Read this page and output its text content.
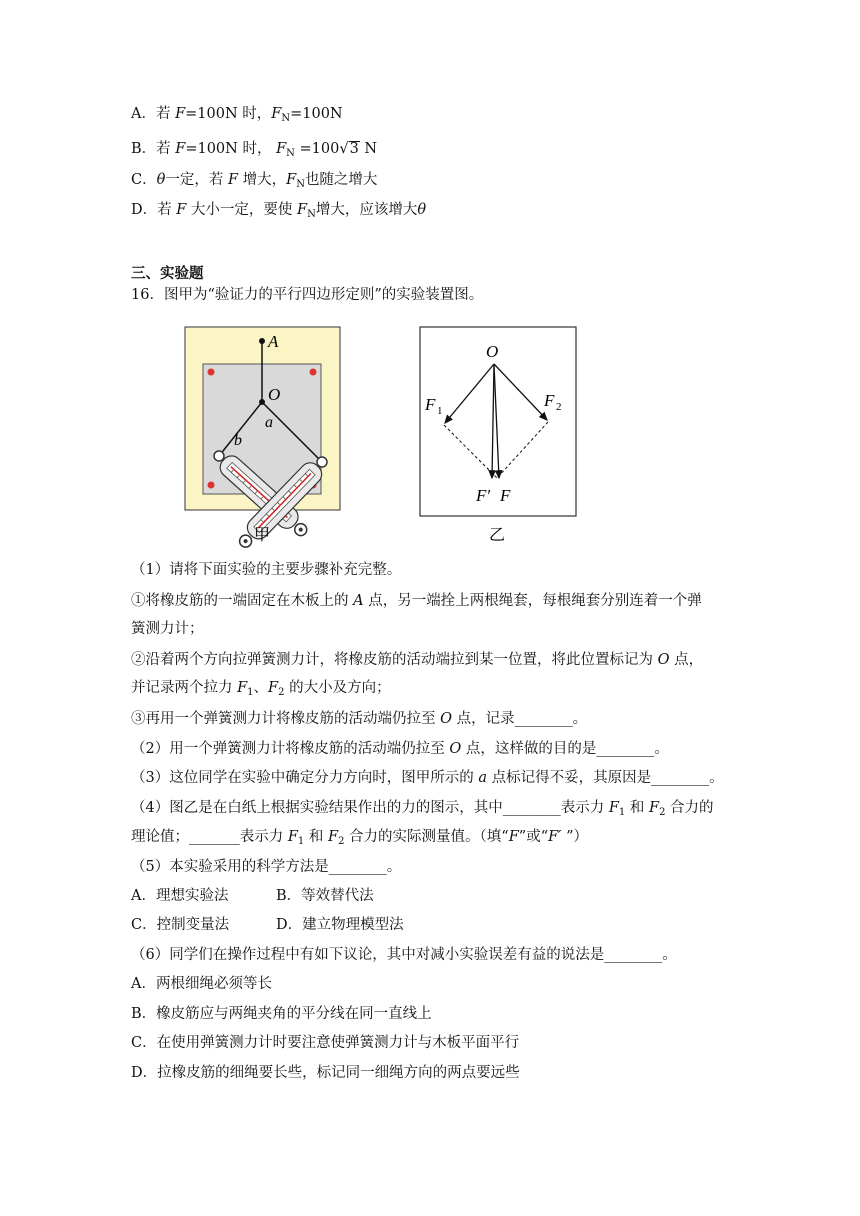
A．若 F=100N 时，$F_N=100N$
B．若 F=100N 时， $F_N =100√3$ N
C．θ一定，若 F 增大，$F_N$也随之增大
D．若 F 大小一定，要使 $F_N$增大，应该增大θ
三、实验题
16．图甲为“验证力的平行四边形定则”的实验装置图。
A
O
a
b
甲
O
F 1
F 2
F′ F
乙
（1）请将下面实验的主要步骤补充完整。
①将橡皮筋的一端固定在木板上的 A 点，另一端拴上两根绳套，每根绳套分别连着一个弹
簧测力计；
②沿着两个方向拉弹簧测力计，将橡皮筋的活动端拉到某一位置，将此位置标记为 O 点，
并记录两个拉力 $F_1$、$F_2$ 的大小及方向；
③再用一个弹簧测力计将橡皮筋的活动端仍拉至 O 点，记录________。
（2）用一个弹簧测力计将橡皮筋的活动端仍拉至 O 点，这样做的目的是________。
（3）这位同学在实验中确定分力方向时，图甲所示的 a 点标记得不妥，其原因是________。
（4）图乙是在白纸上根据实验结果作出的力的图示，其中________表示力 $F_1$ 和 $F_2$ 合力的
理论值；_______表示力 $F_1$ 和 $F_2$ 合力的实际测量值。（填“F”或“F′ ”）
（5）本实验采用的科学方法是________。
A．理想实验法	B．等效替代法
C．控制变量法	D．建立物理模型法
（6）同学们在操作过程中有如下议论，其中对减小实验误差有益的说法是________。
A．两根细绳必须等长
B．橡皮筋应与两绳夹角的平分线在同一直线上
C．在使用弹簧测力计时要注意使弹簧测力计与木板平面平行
D．拉橡皮筋的细绳要长些，标记同一细绳方向的两点要远些
